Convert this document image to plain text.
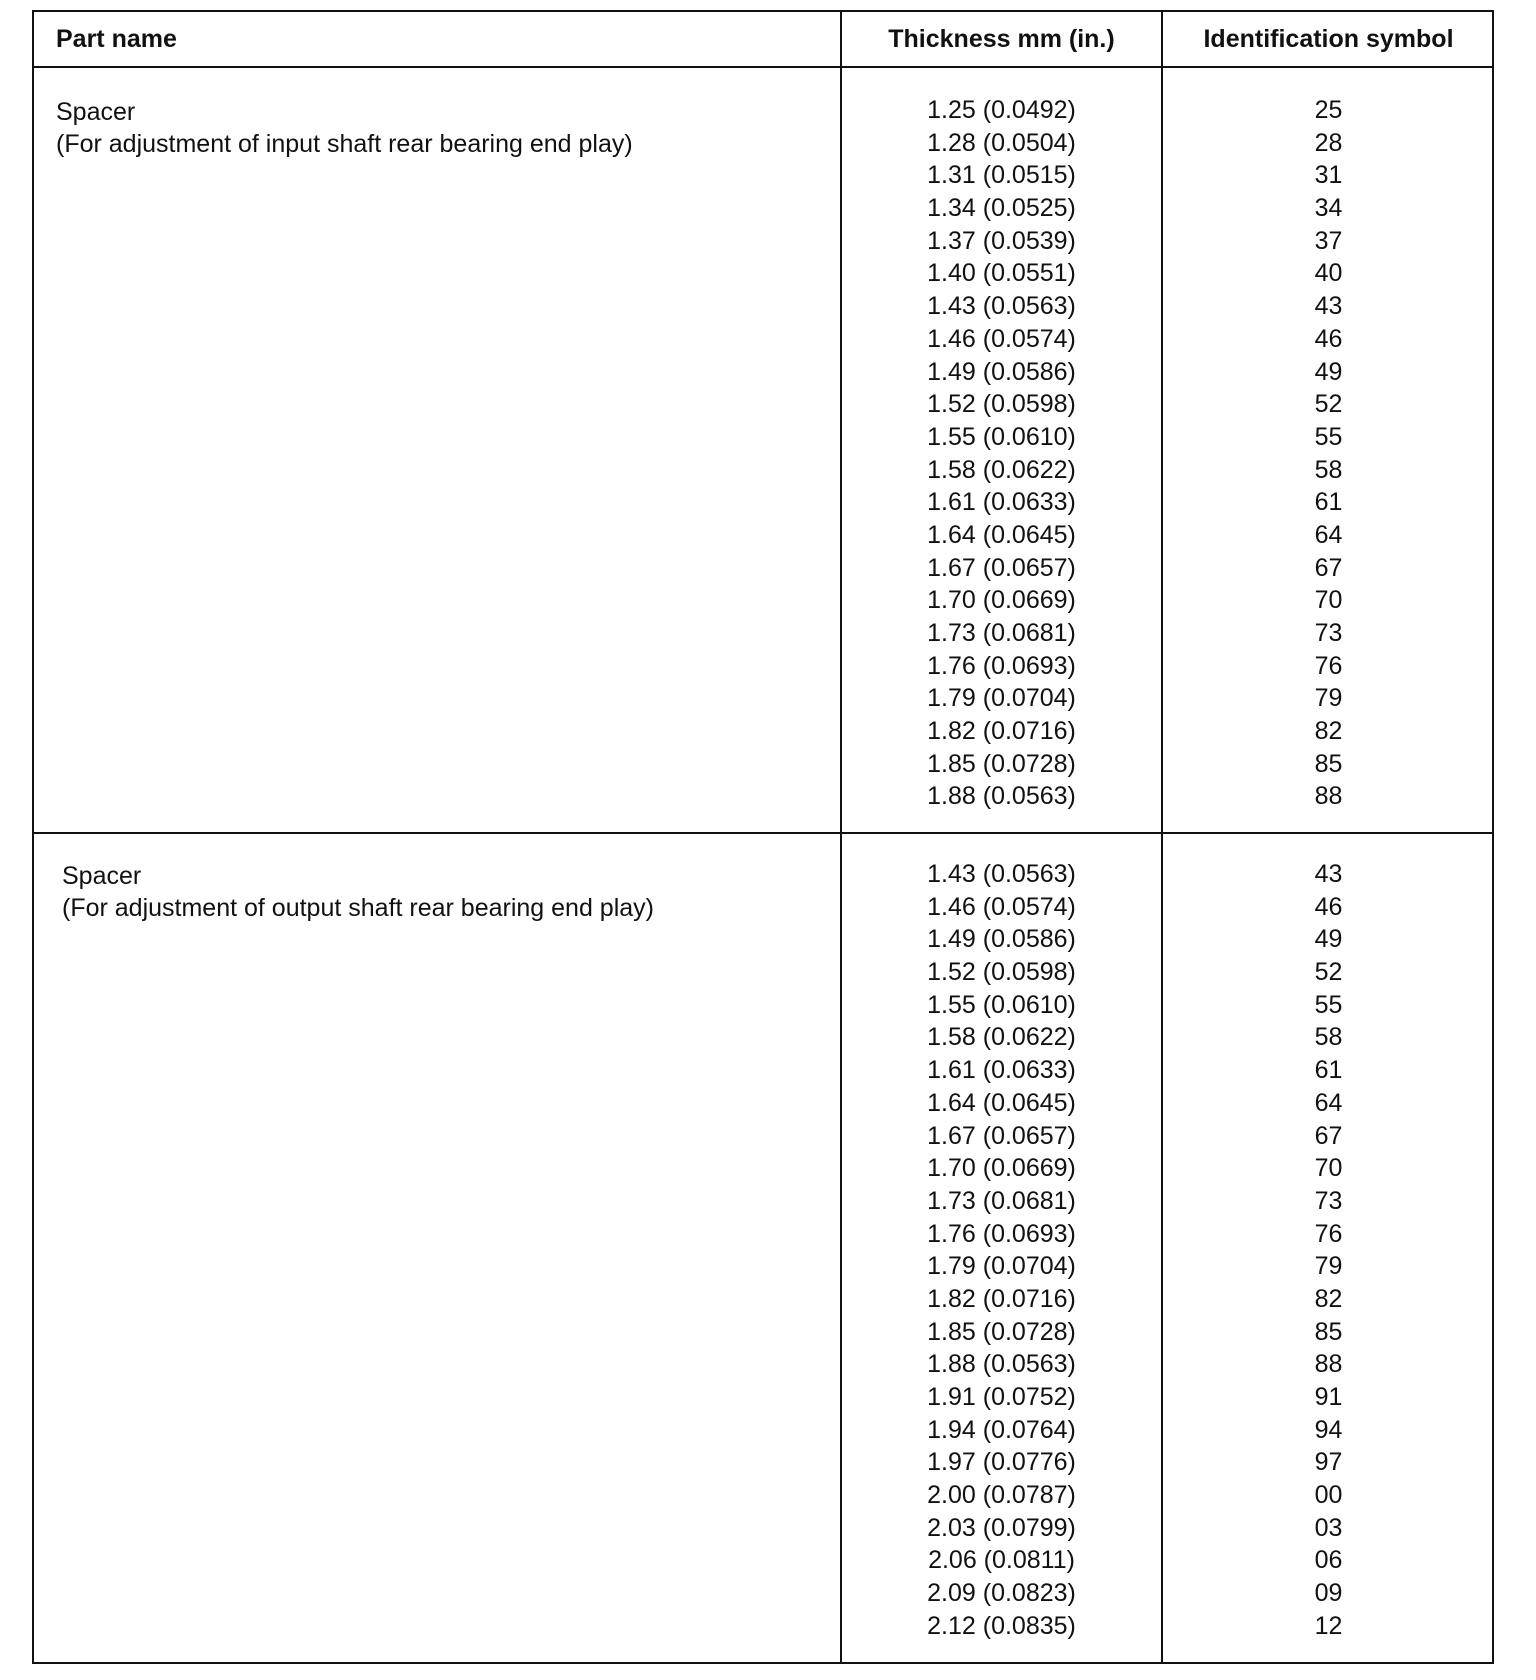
Part name	Thickness mm (in.)	Identification symbol
Spacer
(For adjustment of input shaft rear bearing end play)
1.25 (0.0492)	25
1.28 (0.0504)	28
1.31 (0.0515)	31
1.34 (0.0525)	34
1.37 (0.0539)	37
1.40 (0.0551)	40
1.43 (0.0563)	43
1.46 (0.0574)	46
1.49 (0.0586)	49
1.52 (0.0598)	52
1.55 (0.0610)	55
1.58 (0.0622)	58
1.61 (0.0633)	61
1.64 (0.0645)	64
1.67 (0.0657)	67
1.70 (0.0669)	70
1.73 (0.0681)	73
1.76 (0.0693)	76
1.79 (0.0704)	79
1.82 (0.0716)	82
1.85 (0.0728)	85
1.88 (0.0563)	88
Spacer
(For adjustment of output shaft rear bearing end play)
1.43 (0.0563)	43
1.46 (0.0574)	46
1.49 (0.0586)	49
1.52 (0.0598)	52
1.55 (0.0610)	55
1.58 (0.0622)	58
1.61 (0.0633)	61
1.64 (0.0645)	64
1.67 (0.0657)	67
1.70 (0.0669)	70
1.73 (0.0681)	73
1.76 (0.0693)	76
1.79 (0.0704)	79
1.82 (0.0716)	82
1.85 (0.0728)	85
1.88 (0.0563)	88
1.91 (0.0752)	91
1.94 (0.0764)	94
1.97 (0.0776)	97
2.00 (0.0787)	00
2.03 (0.0799)	03
2.06 (0.0811)	06
2.09 (0.0823)	09
2.12 (0.0835)	12
